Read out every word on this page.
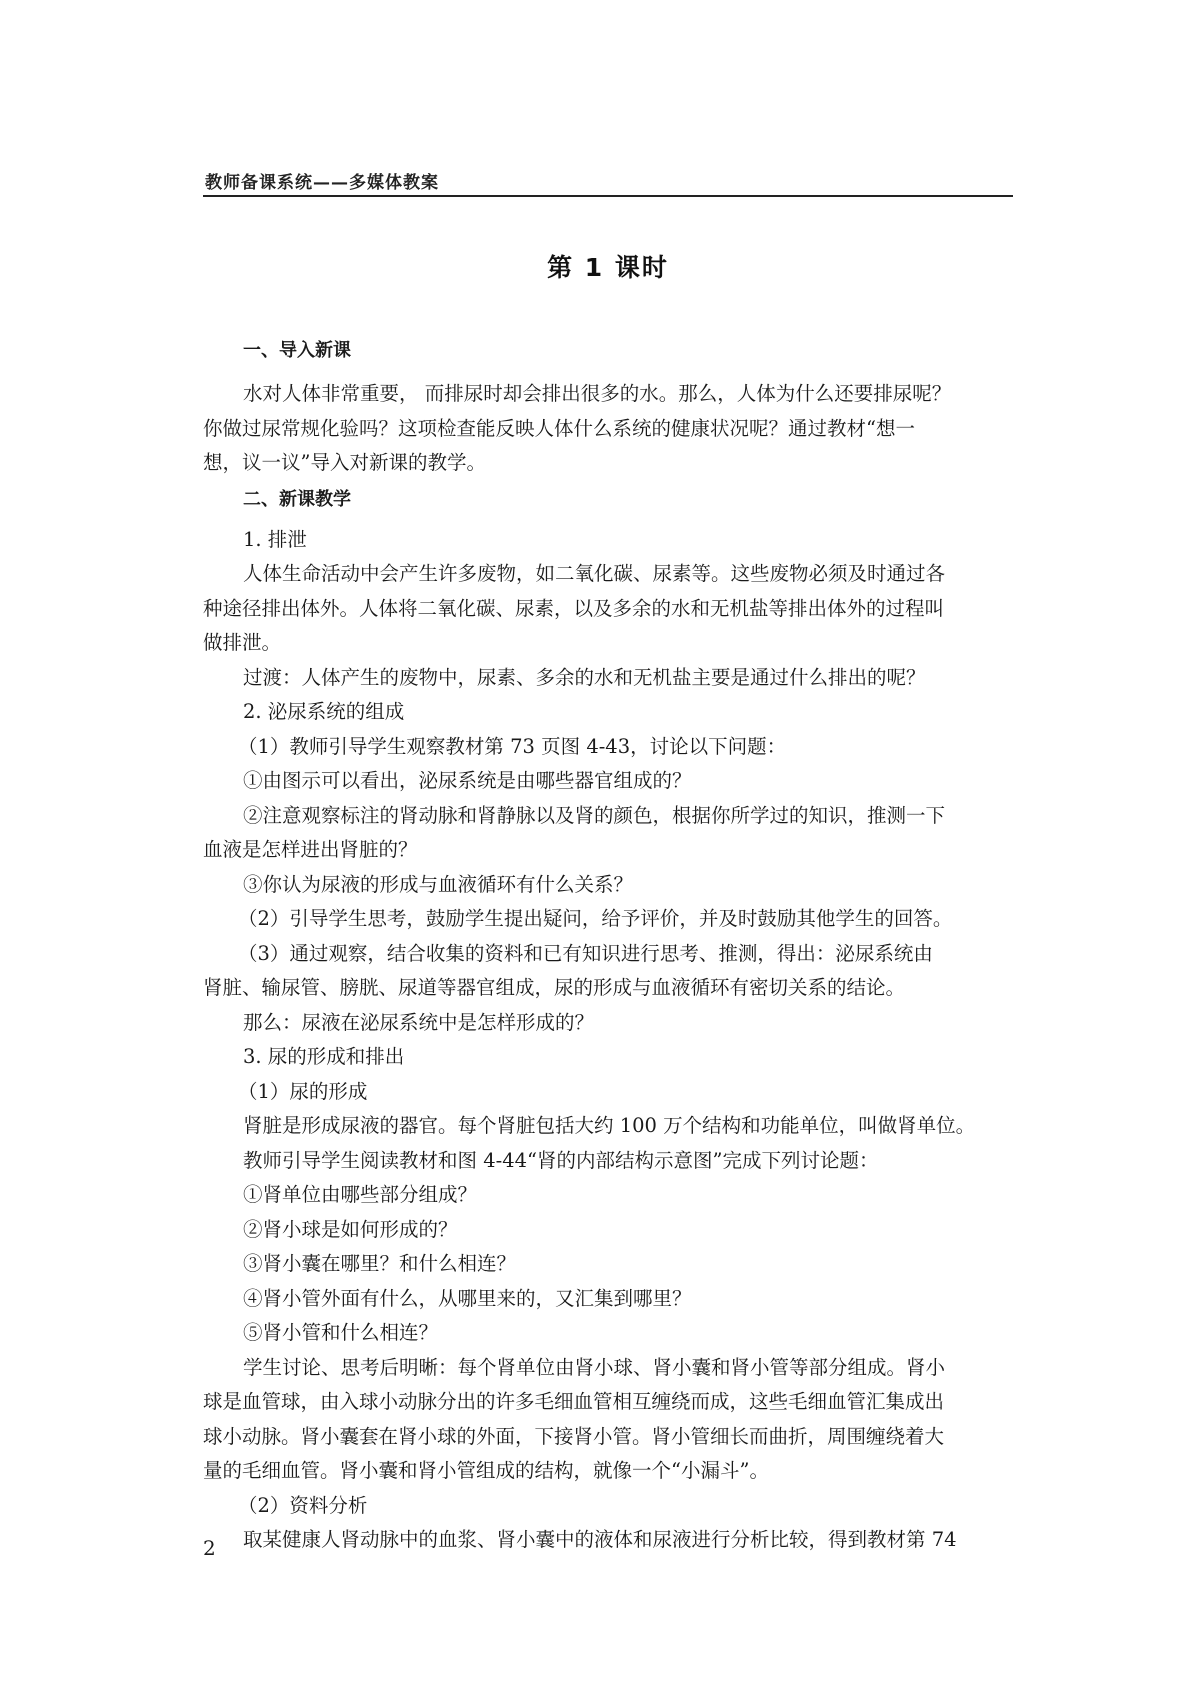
教师备课系统——多媒体教案
第 1 课时
一、导入新课
水对人体非常重要， 而排尿时却会排出很多的水。那么，人体为什么还要排尿呢？
你做过尿常规化验吗？这项检查能反映人体什么系统的健康状况呢？通过教材“想一
想，议一议”导入对新课的教学。
二、新课教学
1. 排泄
人体生命活动中会产生许多废物，如二氧化碳、尿素等。这些废物必须及时通过各
种途径排出体外。人体将二氧化碳、尿素，以及多余的水和无机盐等排出体外的过程叫
做排泄。
过渡：人体产生的废物中，尿素、多余的水和无机盐主要是通过什么排出的呢？
2. 泌尿系统的组成
（1）教师引导学生观察教材第 73 页图 4-43，讨论以下问题：
①由图示可以看出，泌尿系统是由哪些器官组成的？
②注意观察标注的肾动脉和肾静脉以及肾的颜色，根据你所学过的知识，推测一下
血液是怎样进出肾脏的？
③你认为尿液的形成与血液循环有什么关系？
（2）引导学生思考，鼓励学生提出疑问，给予评价，并及时鼓励其他学生的回答。
（3）通过观察，结合收集的资料和已有知识进行思考、推测，得出：泌尿系统由
肾脏、输尿管、膀胱、尿道等器官组成，尿的形成与血液循环有密切关系的结论。
那么：尿液在泌尿系统中是怎样形成的？
3. 尿的形成和排出
（1）尿的形成
肾脏是形成尿液的器官。每个肾脏包括大约 100 万个结构和功能单位，叫做肾单位。
教师引导学生阅读教材和图 4-44“肾的内部结构示意图”完成下列讨论题：
①肾单位由哪些部分组成？
②肾小球是如何形成的？
③肾小囊在哪里？和什么相连？
④肾小管外面有什么，从哪里来的，又汇集到哪里？
⑤肾小管和什么相连？
学生讨论、思考后明晰：每个肾单位由肾小球、肾小囊和肾小管等部分组成。肾小
球是血管球，由入球小动脉分出的许多毛细血管相互缠绕而成，这些毛细血管汇集成出
球小动脉。肾小囊套在肾小球的外面，下接肾小管。肾小管细长而曲折，周围缠绕着大
量的毛细血管。肾小囊和肾小管组成的结构，就像一个“小漏斗”。
（2）资料分析
取某健康人肾动脉中的血浆、肾小囊中的液体和尿液进行分析比较，得到教材第 74
2
